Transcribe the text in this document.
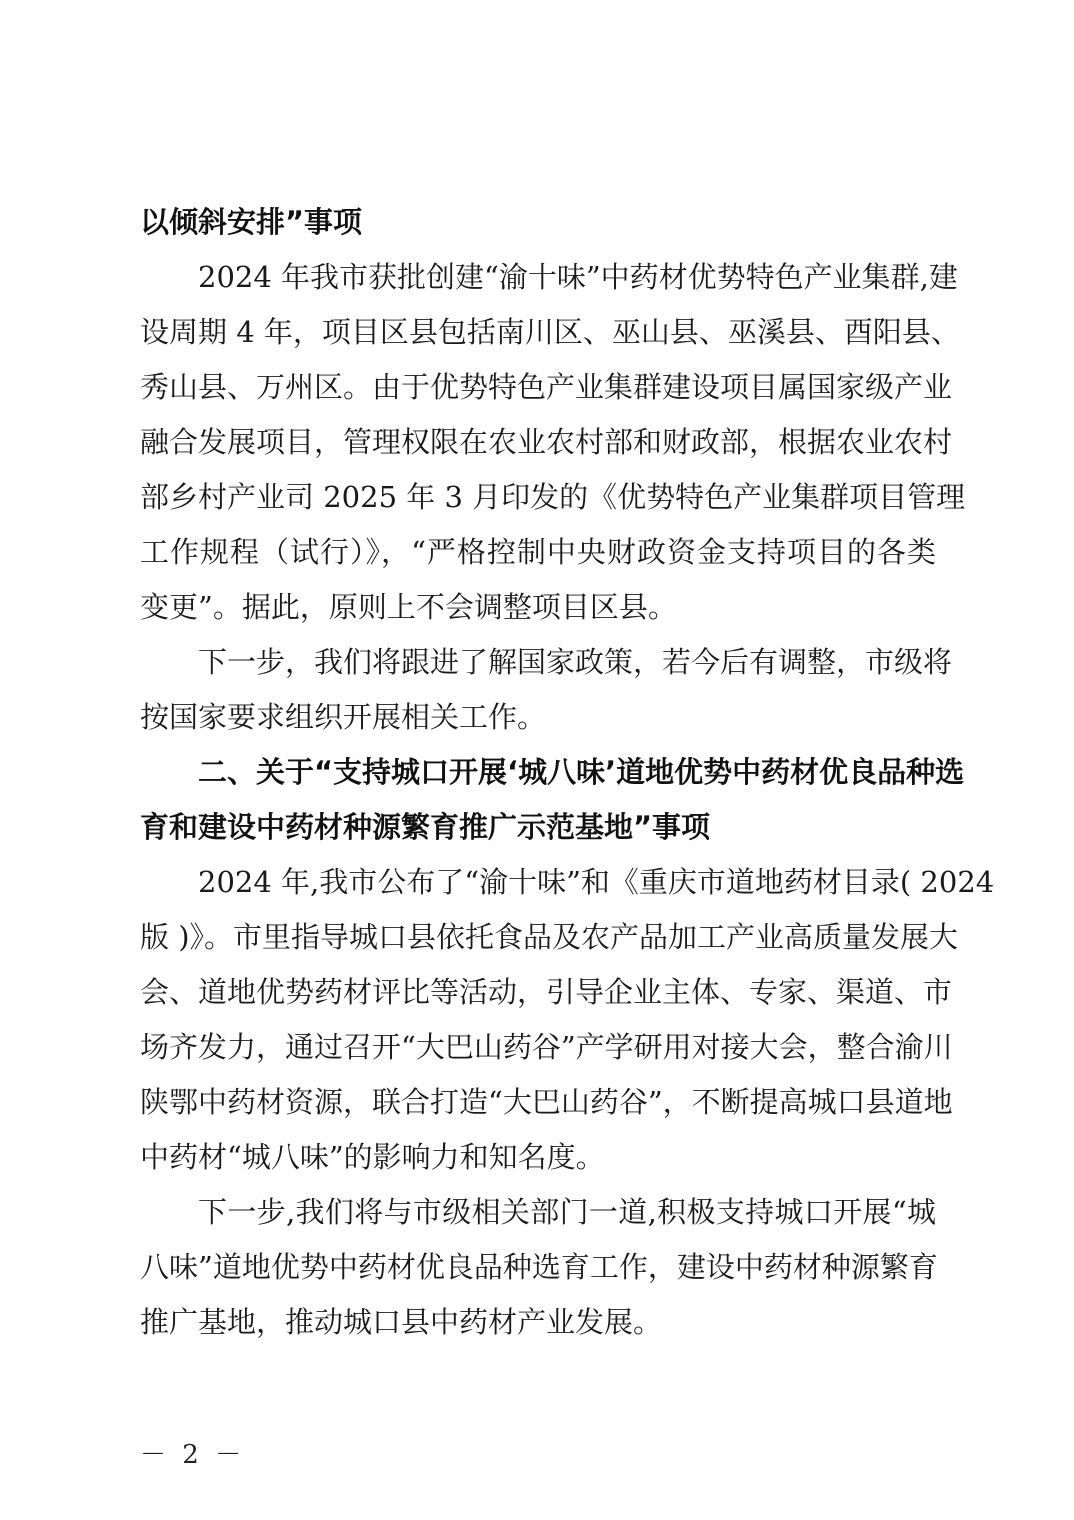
以倾斜安排”事项
2024 年我市获批创建“渝十味”中药材优势特色产业集群,建
设周期 4 年，项目区县包括南川区、巫山县、巫溪县、酉阳县、
秀山县、万州区。由于优势特色产业集群建设项目属国家级产业
融合发展项目，管理权限在农业农村部和财政部，根据农业农村
部乡村产业司 2025 年 3 月印发的《优势特色产业集群项目管理
工作规程（试行）》，“严格控制中央财政资金支持项目的各类
变更”。据此，原则上不会调整项目区县。
下一步，我们将跟进了解国家政策，若今后有调整，市级将
按国家要求组织开展相关工作。
二、关于“支持城口开展‘城八味’道地优势中药材优良品种选
育和建设中药材种源繁育推广示范基地”事项
2024 年,我市公布了“渝十味”和《重庆市道地药材目录( 2024
版 )》。市里指导城口县依托食品及农产品加工产业高质量发展大
会、道地优势药材评比等活动，引导企业主体、专家、渠道、市
场齐发力，通过召开“大巴山药谷”产学研用对接大会，整合渝川
陕鄂中药材资源，联合打造“大巴山药谷”，不断提高城口县道地
中药材“城八味”的影响力和知名度。
下一步,我们将与市级相关部门一道,积极支持城口开展“城
八味”道地优势中药材优良品种选育工作，建设中药材种源繁育
推广基地，推动城口县中药材产业发展。
－ 2 －
